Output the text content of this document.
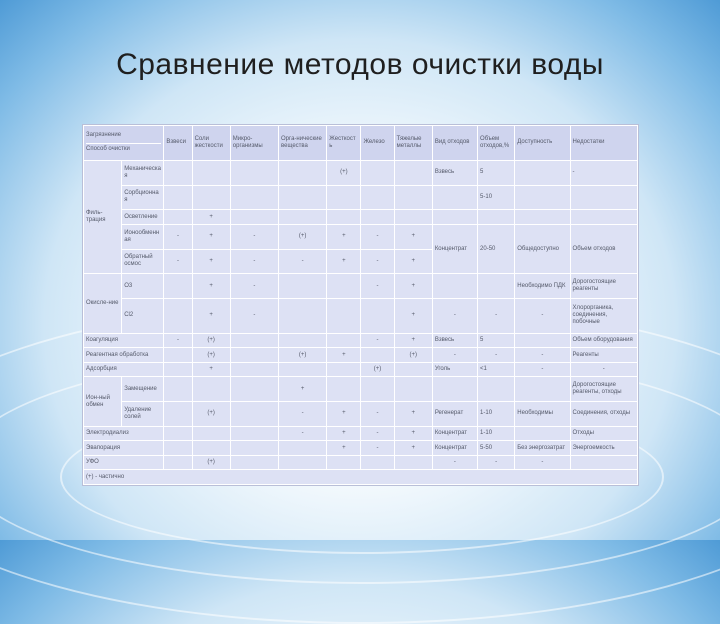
Сравнение методов очистки воды
Загрязнение
Способ очистки		Взвеси	Соли жесткости	Микро-организмы	Орга-нические вещества	Жесткость	Железо	Тяжелые металлы	Вид отходов	Объем отходов,%	Доступность	Недостатки
Филь-трация	Механическая					(+)			Взвесь	5		-
	Сорбционная									5-10		
	Осветление		+									
	Ионообменная	-	+	-	(+)	+	-	+	Концентрат	20-50	Общедоступно	Объем отходов
	Обратный осмос	-	+	-	-	+	-	+				
Окисле-ние	O3		+	-			-	+			Необходимо ПДК	Дорогостоящие реагенты
	Cl2		+	-				+	-	-	-	Хлорорганика, соединения, побочные
Коагуляция		-	(+)				-	+	Взвесь	5		Объем оборудования
Реагентная обработка			(+)		(+)	+		(+)	-	-	-	Реагенты
Адсорбция			+				(+)		Уголь	<1	-	-
Ион-ный обмен	Замещение				+							Дорогостоящие реагенты, отходы
	Удаление солей		(+)		-	+	-	+	Регенерат	1-10	Необходимы	Соединения, отходы
Электродиализ					-	+	-	+	Концентрат	1-10		Отходы
Эвапорация						+	-	+	Концентрат	5-50	Без энергозатрат	Энергоемкость
УФО			(+)						-	-	-	
(+) - частично												
